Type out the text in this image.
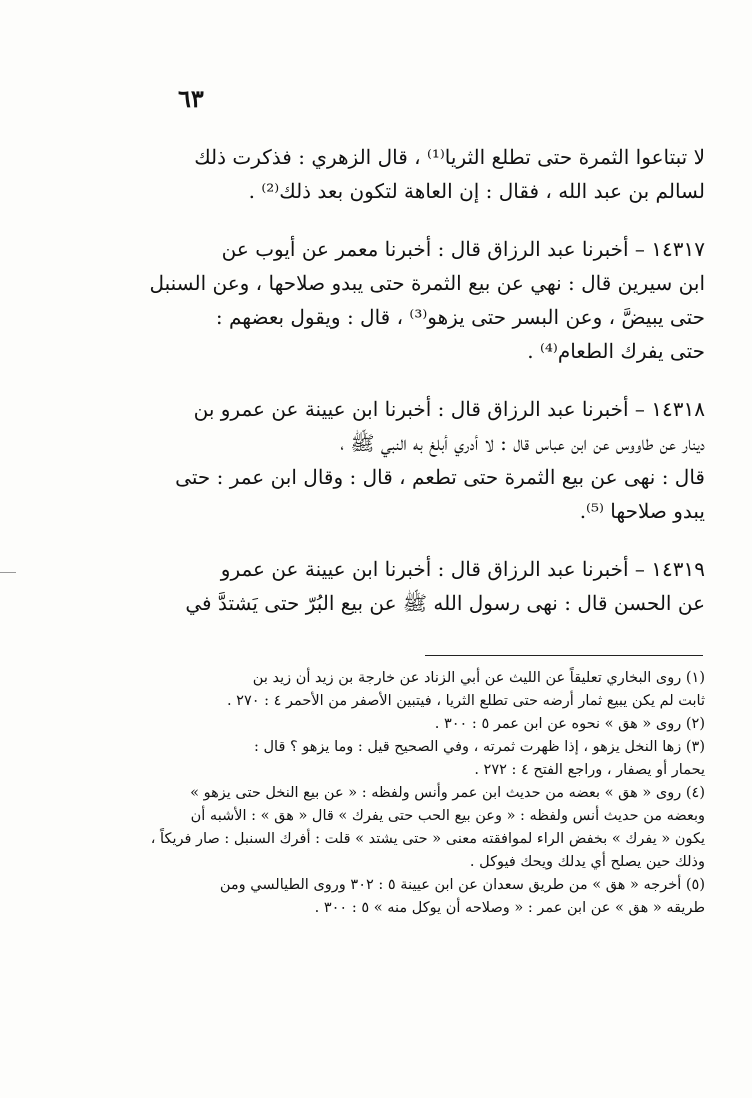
٦٣
لا تبتاعوا الثمرة حتى تطلع الثريا⁽¹⁾ ، قال الزهري : فذكرت ذلك
لسالم بن عبد الله ، فقال : إن العاهة لتكون بعد ذلك⁽²⁾ .
١٤٣١٧ – أخبرنا عبد الرزاق قال : أخبرنا معمر عن أيوب عن
ابن سيرين قال : نهي عن بيع الثمرة حتى يبدو صلاحها ، وعن السنبل
حتى يبيضَّ ، وعن البسر حتى يزهو⁽³⁾ ، قال : ويقول بعضهم :
حتى يفرك الطعام⁽⁴⁾ .
١٤٣١٨ – أخبرنا عبد الرزاق قال : أخبرنا ابن عيينة عن عمرو بن
دينار عن طاووس عن ابن عباس قال : لا أدري أبلغ به النبي ﷺ ،
قال : نهى عن بيع الثمرة حتى تطعم ، قال : وقال ابن عمر : حتى
يبدو صلاحها ⁽⁵⁾.
١٤٣١٩ – أخبرنا عبد الرزاق قال : أخبرنا ابن عيينة عن عمرو
عن الحسن قال : نهى رسول الله ﷺ عن بيع البُرّ حتى يَشتدَّ في
(١) روى البخاري تعليقاً عن الليث عن أبي الزناد عن خارجة بن زيد أن زيد بن
ثابت لم يكن يبيع ثمار أرضه حتى تطلع الثريا ، فيتبين الأصفر من الأحمر ٤ : ٢٧٠ .
(٢) روى « هق » نحوه عن ابن عمر ٥ : ٣٠٠ .
(٣) زها النخل يزهو ، إذا ظهرت ثمرته ، وفي الصحيح قيل : وما يزهو ؟ قال :
يحمار أو يصفار ، وراجع الفتح ٤ : ٢٧٢ .
(٤) روى « هق » بعضه من حديث ابن عمر وأنس ولفظه : « عن بيع النخل حتى يزهو »
وبعضه من حديث أنس ولفظه : « وعن بيع الحب حتى يفرك » قال « هق » : الأشبه أن
يكون « يفرك » بخفض الراء لموافقته معنى « حتى يشتد » قلت : أفرك السنبل : صار فريكاً ،
وذلك حين يصلح أي يدلك ويحك فيوكل .
(٥) أخرجه « هق » من طريق سعدان عن ابن عيينة ٥ : ٣٠٢ وروى الطيالسي ومن
طريقه « هق » عن ابن عمر : « وصلاحه أن يوكل منه » ٥ : ٣٠٠ .
